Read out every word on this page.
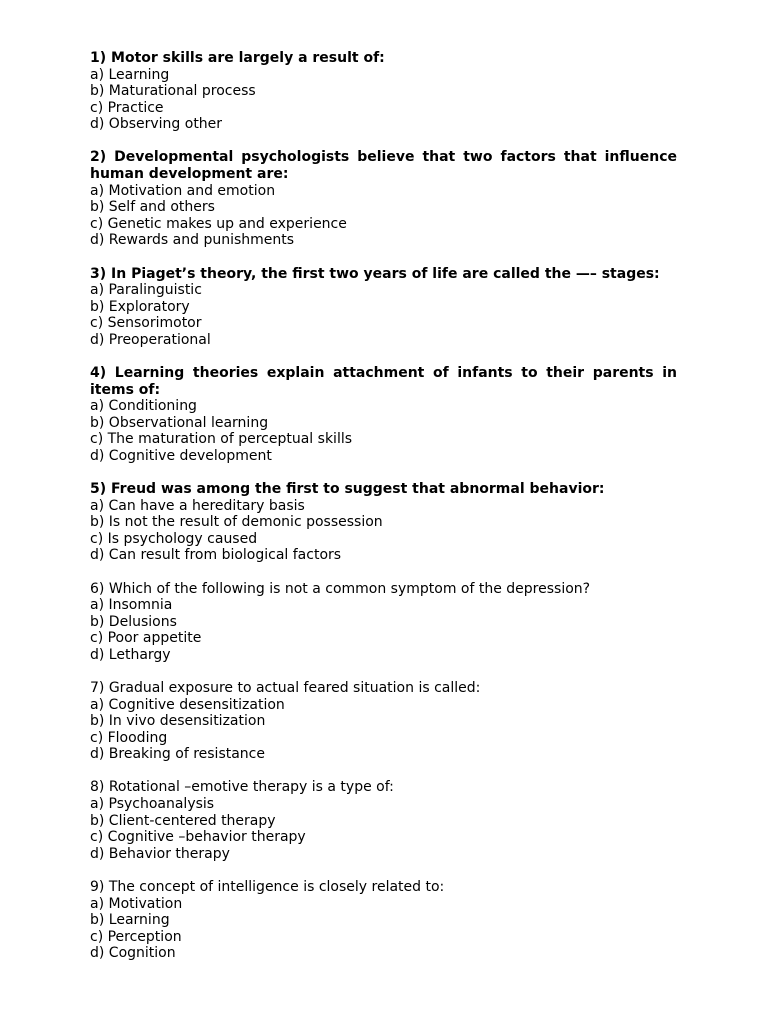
1) Motor skills are largely a result of:

a) Learning

b) Maturational process

c) Practice

d) Observing other

2) Developmental psychologists believe that two factors that influence human development are:

a) Motivation and emotion

b) Self and others

c) Genetic makes up and experience

d) Rewards and punishments

3) In Piaget’s theory, the first two years of life are called the —– stages:

a) Paralinguistic

b) Exploratory

c) Sensorimotor

d) Preoperational

4) Learning theories explain attachment of infants to their parents in items of:

a) Conditioning

b) Observational learning

c) The maturation of perceptual skills

d) Cognitive development

5) Freud was among the first to suggest that abnormal behavior:

a) Can have a hereditary basis

b) Is not the result of demonic possession

c) Is psychology caused

d) Can result from biological factors

6) Which of the following is not a common symptom of the depression?

a) Insomnia

b) Delusions

c) Poor appetite

d) Lethargy

7) Gradual exposure to actual feared situation is called:

a) Cognitive desensitization

b) In vivo desensitization

c) Flooding

d) Breaking of resistance

8) Rotational –emotive therapy is a type of:

a) Psychoanalysis

b) Client-centered therapy

c) Cognitive –behavior therapy

d) Behavior therapy

9) The concept of intelligence is closely related to:

a) Motivation

b) Learning

c) Perception

d) Cognition
